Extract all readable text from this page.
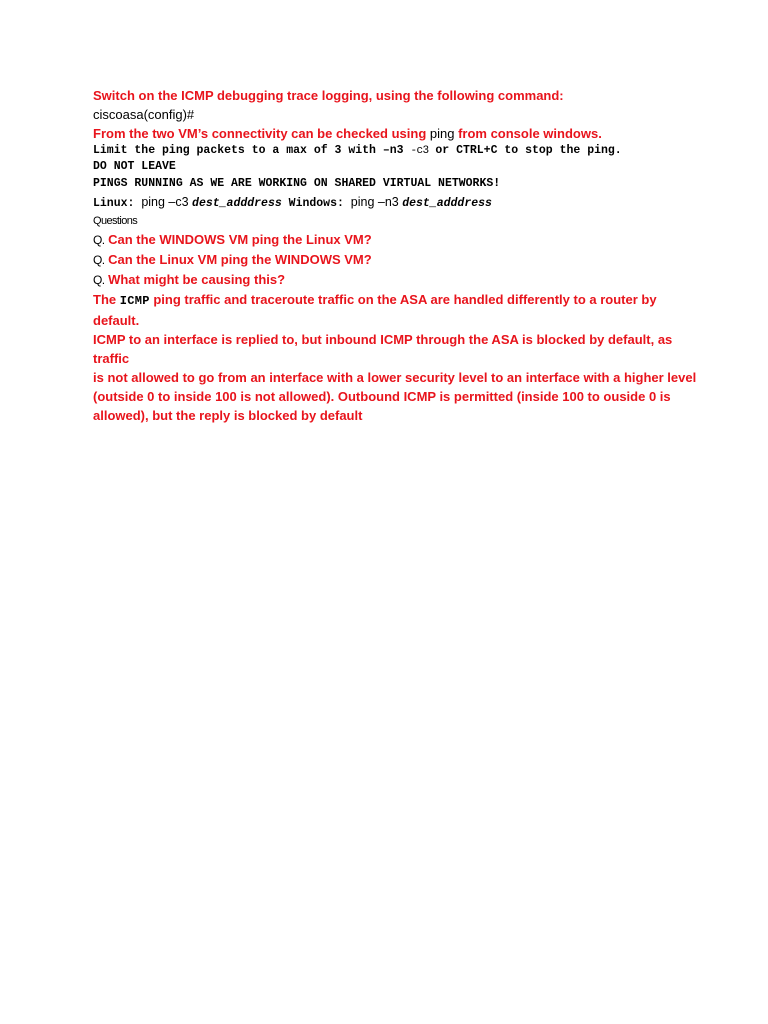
Switch on the ICMP debugging trace logging, using the following command:
ciscoasa(config)#
From the two VM’s connectivity can be checked using ping from console windows.
Limit the ping packets to a max of 3 with –n3 -c3 or CTRL+C to stop the ping.
DO NOT LEAVE
PINGS RUNNING AS WE ARE WORKING ON SHARED VIRTUAL NETWORKS!
Linux: ping –c3 dest_adddress Windows: ping –n3 dest_adddress
Questions
Q. Can the WINDOWS VM ping the Linux VM?
Q. Can the Linux VM ping the WINDOWS VM?
Q. What might be causing this?
The ICMP ping traffic and traceroute traffic on the ASA are handled differently to a router by
default.
ICMP to an interface is replied to, but inbound ICMP through the ASA is blocked by default, as
traffic
is not allowed to go from an interface with a lower security level to an interface with a higher level
(outside 0 to inside 100 is not allowed). Outbound ICMP is permitted (inside 100 to ouside 0 is
allowed), but the reply is blocked by default
